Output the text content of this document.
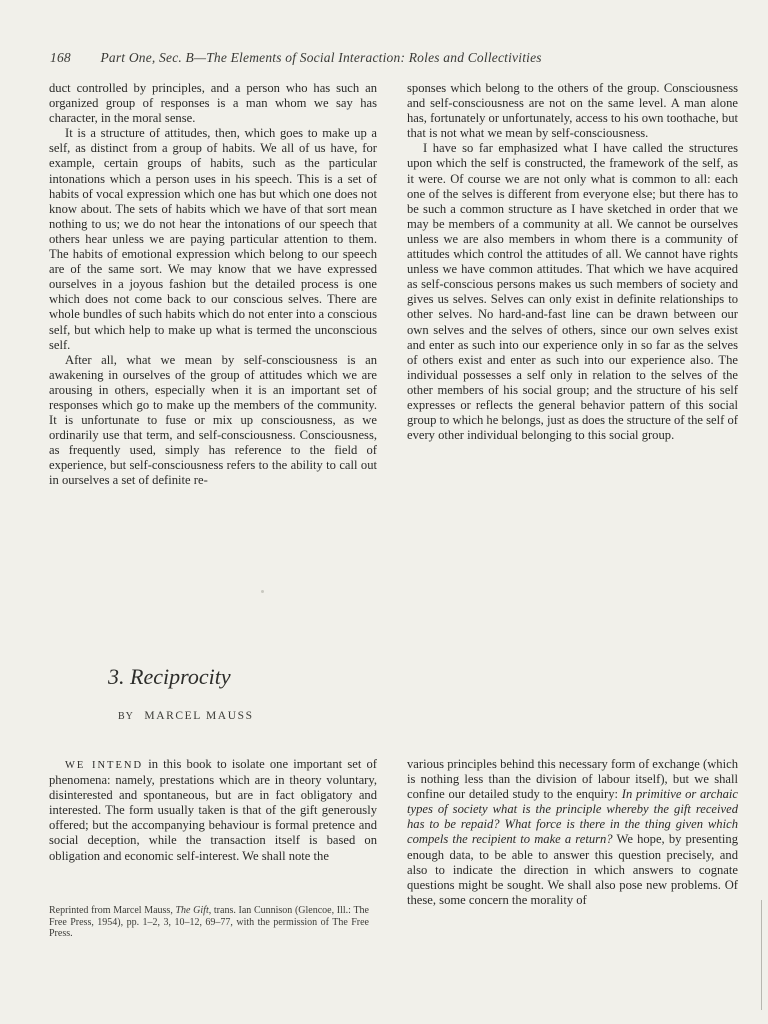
168 Part One, Sec. B—The Elements of Social Interaction: Roles and Collectivities

duct controlled by principles, and a person who has such an organized group of responses is a man whom we say has character, in the moral sense.

It is a structure of attitudes, then, which goes to make up a self, as distinct from a group of habits. We all of us have, for example, certain groups of habits, such as the particular intonations which a person uses in his speech. This is a set of habits of vocal expression which one has but which one does not know about. The sets of habits which we have of that sort mean nothing to us; we do not hear the intonations of our speech that others hear unless we are paying particular attention to them. The habits of emotional expression which belong to our speech are of the same sort. We may know that we have expressed ourselves in a joyous fashion but the detailed process is one which does not come back to our conscious selves. There are whole bundles of such habits which do not enter into a conscious self, but which help to make up what is termed the unconscious self.

After all, what we mean by self-consciousness is an awakening in ourselves of the group of attitudes which we are arousing in others, especially when it is an important set of responses which go to make up the members of the community. It is unfortunate to fuse or mix up consciousness, as we ordinarily use that term, and self-consciousness. Consciousness, as frequently used, simply has reference to the field of experience, but self-consciousness refers to the ability to call out in ourselves a set of definite re-

sponses which belong to the others of the group. Consciousness and self-consciousness are not on the same level. A man alone has, fortunately or unfortunately, access to his own toothache, but that is not what we mean by self-consciousness.

I have so far emphasized what I have called the structures upon which the self is constructed, the framework of the self, as it were. Of course we are not only what is common to all: each one of the selves is different from everyone else; but there has to be such a common structure as I have sketched in order that we may be members of a community at all. We cannot be ourselves unless we are also members in whom there is a community of attitudes which control the attitudes of all. We cannot have rights unless we have common attitudes. That which we have acquired as self-conscious persons makes us such members of society and gives us selves. Selves can only exist in definite relationships to other selves. No hard-and-fast line can be drawn between our own selves and the selves of others, since our own selves exist and enter as such into our experience only in so far as the selves of others exist and enter as such into our experience also. The individual possesses a self only in relation to the selves of the other members of his social group; and the structure of his self expresses or reflects the general behavior pattern of this social group to which he belongs, just as does the structure of the self of every other individual belonging to this social group.

3. Reciprocity
BY MARCEL MAUSS

WE INTEND in this book to isolate one important set of phenomena: namely, prestations which are in theory voluntary, disinterested and spontaneous, but are in fact obligatory and interested. The form usually taken is that of the gift generously offered; but the accompanying behaviour is formal pretence and social deception, while the transaction itself is based on obligation and economic self-interest. We shall note the

Reprinted from Marcel Mauss, The Gift, trans. Ian Cunnison (Glencoe, Ill.: The Free Press, 1954), pp. 1–2, 3, 10–12, 69–77, with the permission of The Free Press.

various principles behind this necessary form of exchange (which is nothing less than the division of labour itself), but we shall confine our detailed study to the enquiry: In primitive or archaic types of society what is the principle whereby the gift received has to be repaid? What force is there in the thing given which compels the recipient to make a return? We hope, by presenting enough data, to be able to answer this question precisely, and also to indicate the direction in which answers to cognate questions might be sought. We shall also pose new problems. Of these, some concern the morality of
